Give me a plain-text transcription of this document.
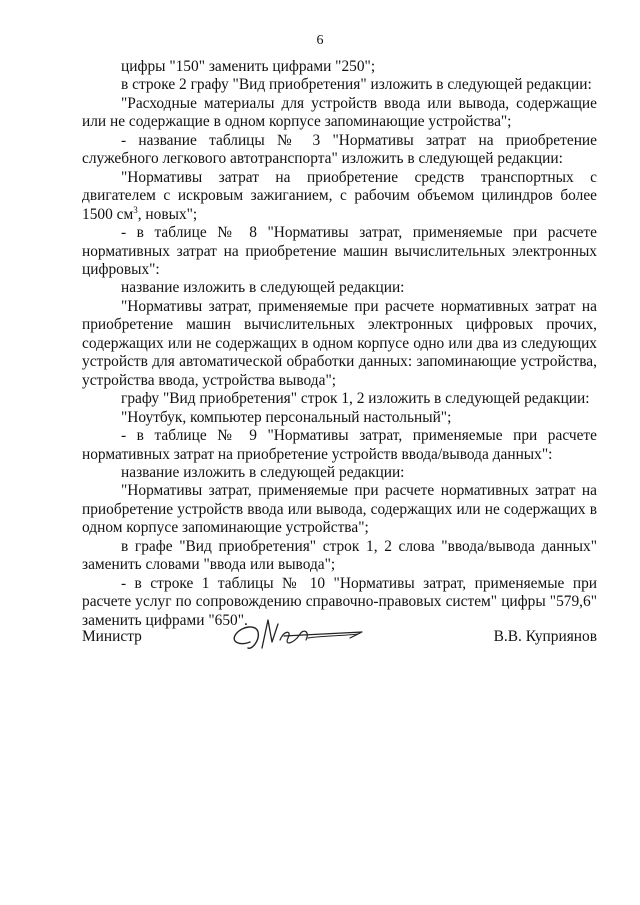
6

цифры "150" заменить цифрами "250";

в строке 2 графу "Вид приобретения" изложить в следующей редакции:

"Расходные материалы для устройств ввода или вывода, содержащие или не содержащие в одном корпусе запоминающие устройства";

- название таблицы № 3 "Нормативы затрат на приобретение служебного легкового автотранспорта" изложить в следующей редакции:

"Нормативы затрат на приобретение средств транспортных с двигателем с искровым зажиганием, с рабочим объемом цилиндров более 1500 $см^3$, новых";

- в таблице № 8 "Нормативы затрат, применяемые при расчете нормативных затрат на приобретение машин вычислительных электронных цифровых":

название изложить в следующей редакции:

"Нормативы затрат, применяемые при расчете нормативных затрат на приобретение машин вычислительных электронных цифровых прочих, содержащих или не содержащих в одном корпусе одно или два из следующих устройств для автоматической обработки данных: запоминающие устройства, устройства ввода, устройства вывода";

графу "Вид приобретения" строк 1, 2 изложить в следующей редакции:

"Ноутбук, компьютер персональный настольный";

- в таблице № 9 "Нормативы затрат, применяемые при расчете нормативных затрат на приобретение устройств ввода/вывода данных":

название изложить в следующей редакции:

"Нормативы затрат, применяемые при расчете нормативных затрат на приобретение устройств ввода или вывода, содержащих или не содержащих в одном корпусе запоминающие устройства";

в графе "Вид приобретения" строк 1, 2 слова "ввода/вывода данных" заменить словами "ввода или вывода";

- в строке 1 таблицы № 10 "Нормативы затрат, применяемые при расчете услуг по сопровождению справочно-правовых систем" цифры "579,6" заменить цифрами "650".

Министр	В.В. Куприянов
